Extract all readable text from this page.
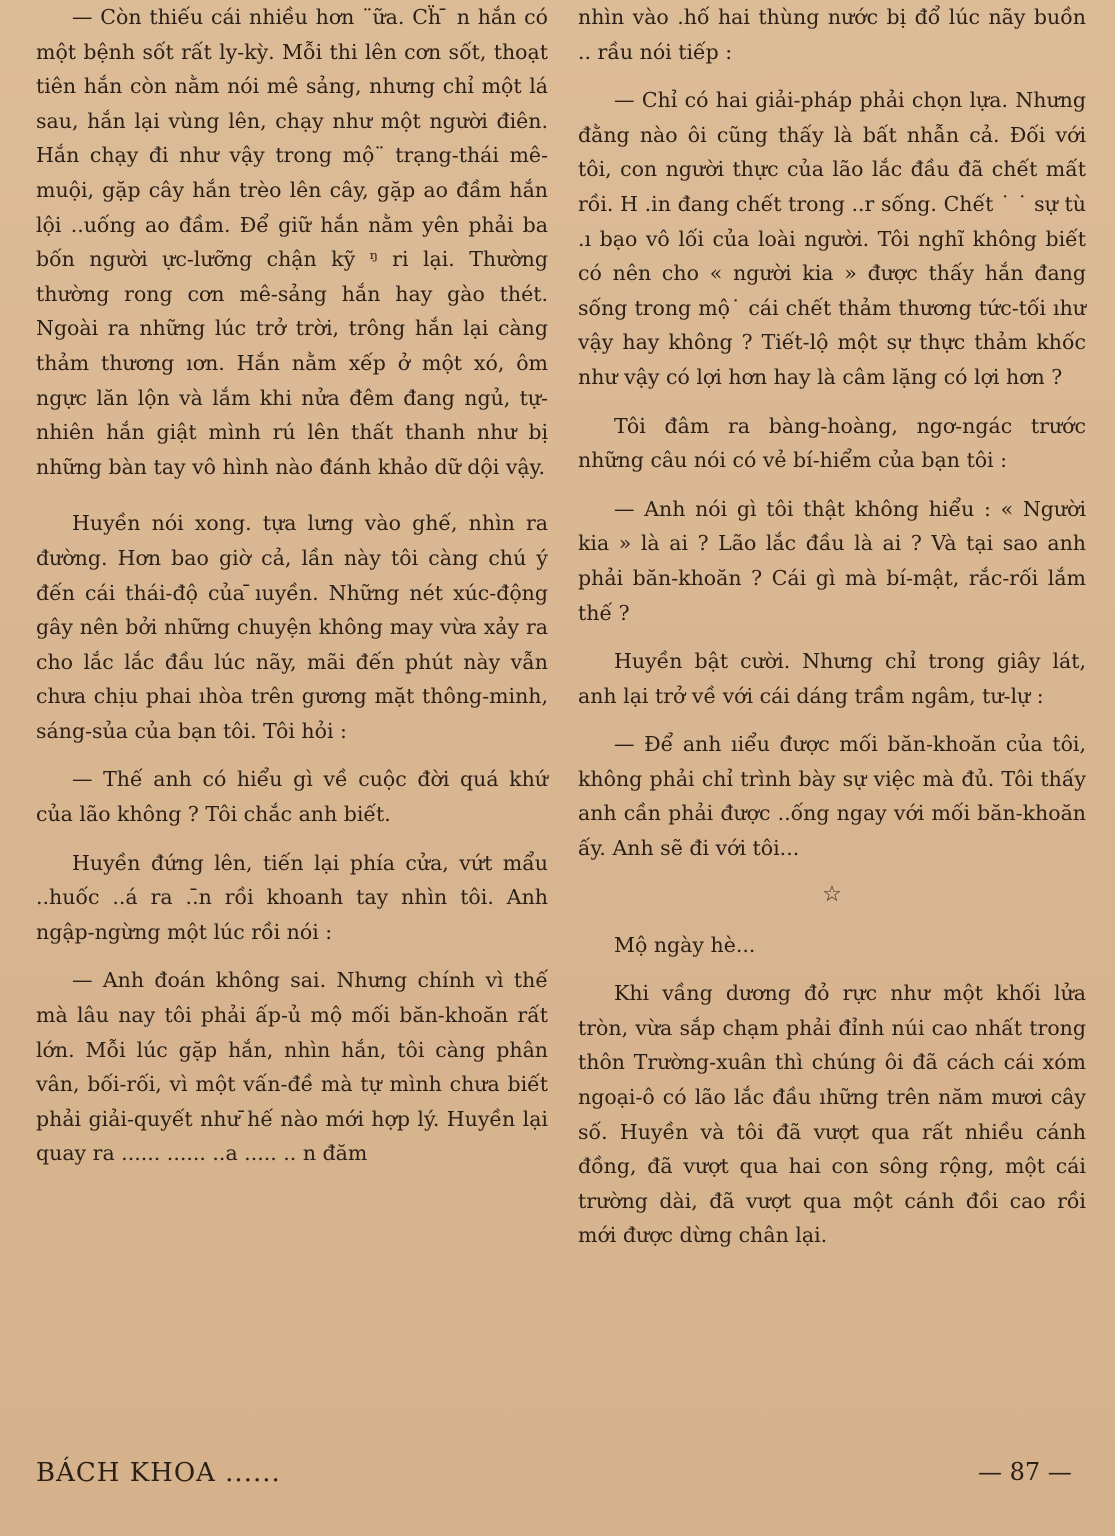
— Còn thiếu cái nhiều hơn ¨ữa. Cḧ ̄ n hắn có một bệnh sốt rất ly-kỳ. Mỗi thi lên cơn sốt, thoạt tiên hắn còn nằm nói mê sảng, nhưng chỉ một lá sau, hắn lại vùng lên, chạy như một người điên. Hắn chạy đi như vậy trong mộ¨ trạng-thái mê-muội, gặp cây hắn trèo lên cây, gặp ao đầm hắn lội ..uống ao đầm. Để giữ hắn nằm yên phải ba bốn người ực-lưỡng chận kỹ ᵑ ri lại. Thường thường rong cơn mê-sảng hắn hay gào thét. Ngoài ra những lúc trở trời, trông hắn lại càng thảm thương ıơn. Hắn nằm xếp ở một xó, ôm ngực lăn lộn và lắm khi nửa đêm đang ngủ, tự-nhiên hắn giật mình rú lên thất thanh như bị những bàn tay vô hình nào đánh khảo dữ dội vậy.

Huyền nói xong. tựa lưng vào ghế, nhìn ra đường. Hơn bao giờ cả, lần này tôi càng chú ý đến cái thái-độ của ̄ıuyền. Những nét xúc-động gây nên bởi những chuyện không may vừa xảy ra cho lắc lắc đầu lúc nãy, mãi đến phút này vẫn chưa chịu phai ıhòa trên gương mặt thông-minh, sáng-sủa của bạn tôi. Tôi hỏi :

— Thế anh có hiểu gì về cuộc đời quá khứ của lão không ? Tôi chắc anh biết.

Huyền đứng lên, tiến lại phía cửa, vứt mẩu ..huốc ..á ra ..̄n rồi khoanh tay nhìn tôi. Anh ngập-ngừng một lúc rồi nói :

— Anh đoán không sai. Nhưng chính vì thế mà lâu nay tôi phải ấp-ủ mộ mối băn-khoăn rất lớn. Mỗi lúc gặp hắn, nhìn hắn, tôi càng phân vân, bối-rối, vì một vấn-đề mà tự mình chưa biết phải giải-quyết như ̄hế nào mới hợp lý. Huyền lại quay ra ...... ...... ..a ..... .. n đăm

nhìn vào .hố hai thùng nước bị đổ lúc nãy buồn .. rầu nói tiếp :

— Chỉ có hai giải-pháp phải chọn lựa. Nhưng đằng nào ôi cũng thấy là bất nhẫn cả. Đối với tôi, con người thực của lão lắc đầu đã chết mất rồi. H .in đang chết trong ..r sống. Chết ˙ ˙ sự tù .ı bạo vô lối của loài người. Tôi nghĩ không biết có nên cho « người kia » được thấy hắn đang sống trong mộ˙ cái chết thảm thương tức-tối ıhư vậy hay không ? Tiết-lộ một sự thực thảm khốc như vậy có lợi hơn hay là câm lặng có lợi hơn ?

Tôi đâm ra bàng-hoàng, ngơ-ngác trước những câu nói có vẻ bí-hiểm của bạn tôi :

— Anh nói gì tôi thật không hiểu : « Người kia » là ai ? Lão lắc đầu là ai ? Và tại sao anh phải băn-khoăn ? Cái gì mà bí-mật, rắc-rối lắm thế ?

Huyền bật cười. Nhưng chỉ trong giây lát, anh lại trở về với cái dáng trầm ngâm, tư-lự :

— Để anh ıiểu được mối băn-khoăn của tôi, không phải chỉ trình bày sự việc mà đủ. Tôi thấy anh cần phải được ..ống ngay với mối băn-khoăn ấy. Anh sẽ đi với tôi...

☆

Mộ ngày hè...

Khi vầng dương đỏ rực như một khối lửa tròn, vừa sắp chạm phải đỉnh núi cao nhất trong thôn Trường-xuân thì chúng ôi đã cách cái xóm ngoại-ô có lão lắc đầu ıhững trên năm mươi cây số. Huyền và tôi đã vượt qua rất nhiều cánh đồng, đã vượt qua hai con sông rộng, một cái trường dài, đã vượt qua một cánh đồi cao rồi mới được dừng chân lại.

BÁCH KHOA ......	— 87 —
